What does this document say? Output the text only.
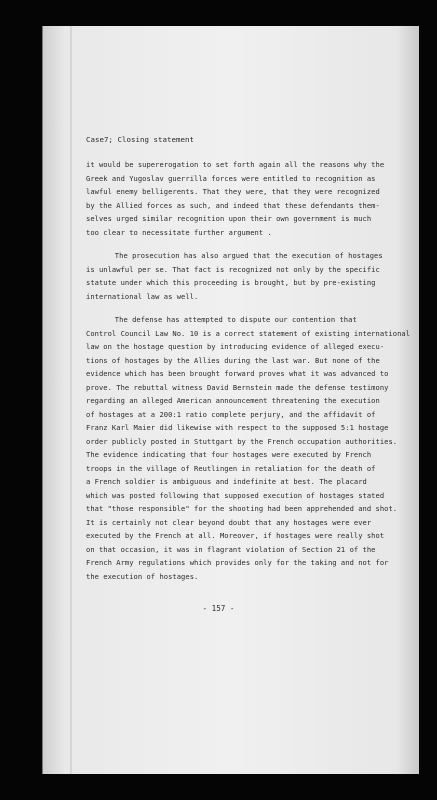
Case7; Closing statement
it would be supererogation to set forth again all the reasons why the
Greek and Yugoslav guerrilla forces were entitled to recognition as
lawful enemy belligerents. That they were, that they were recognized
by the Allied forces as such, and indeed that these defendants them-
selves urged similar recognition upon their own government is much
too clear to necessitate further argument .
The prosecution has also argued that the execution of hostages
is unlawful per se. That fact is recognized not only by the specific
statute under which this proceeding is brought, but by pre-existing
international law as well.
The defense has attempted to dispute our contention that
Control Council Law No. 10 is a correct statement of existing international
law on the hostage question by introducing evidence of alleged execu-
tions of hostages by the Allies during the last war. But none of the
evidence which has been brought forward proves what it was advanced to
prove. The rebuttal witness David Bernstein made the defense testimony
regarding an alleged American announcement threatening the execution
of hostages at a 200:1 ratio complete perjury, and the affidavit of
Franz Karl Maier did likewise with respect to the supposed 5:1 hostage
order publicly posted in Stuttgart by the French occupation authorities.
The evidence indicating that four hostages were executed by French
troops in the village of Reutlingen in retaliation for the death of
a French soldier is ambiguous and indefinite at best. The placard
which was posted following that supposed execution of hostages stated
that "those responsible" for the shooting had been apprehended and shot.
It is certainly not clear beyond doubt that any hostages were ever
executed by the French at all. Moreover, if hostages were really shot
on that occasion, it was in flagrant violation of Section 21 of the
French Army regulations which provides only for the taking and not for
the execution of hostages.
- 157 -
